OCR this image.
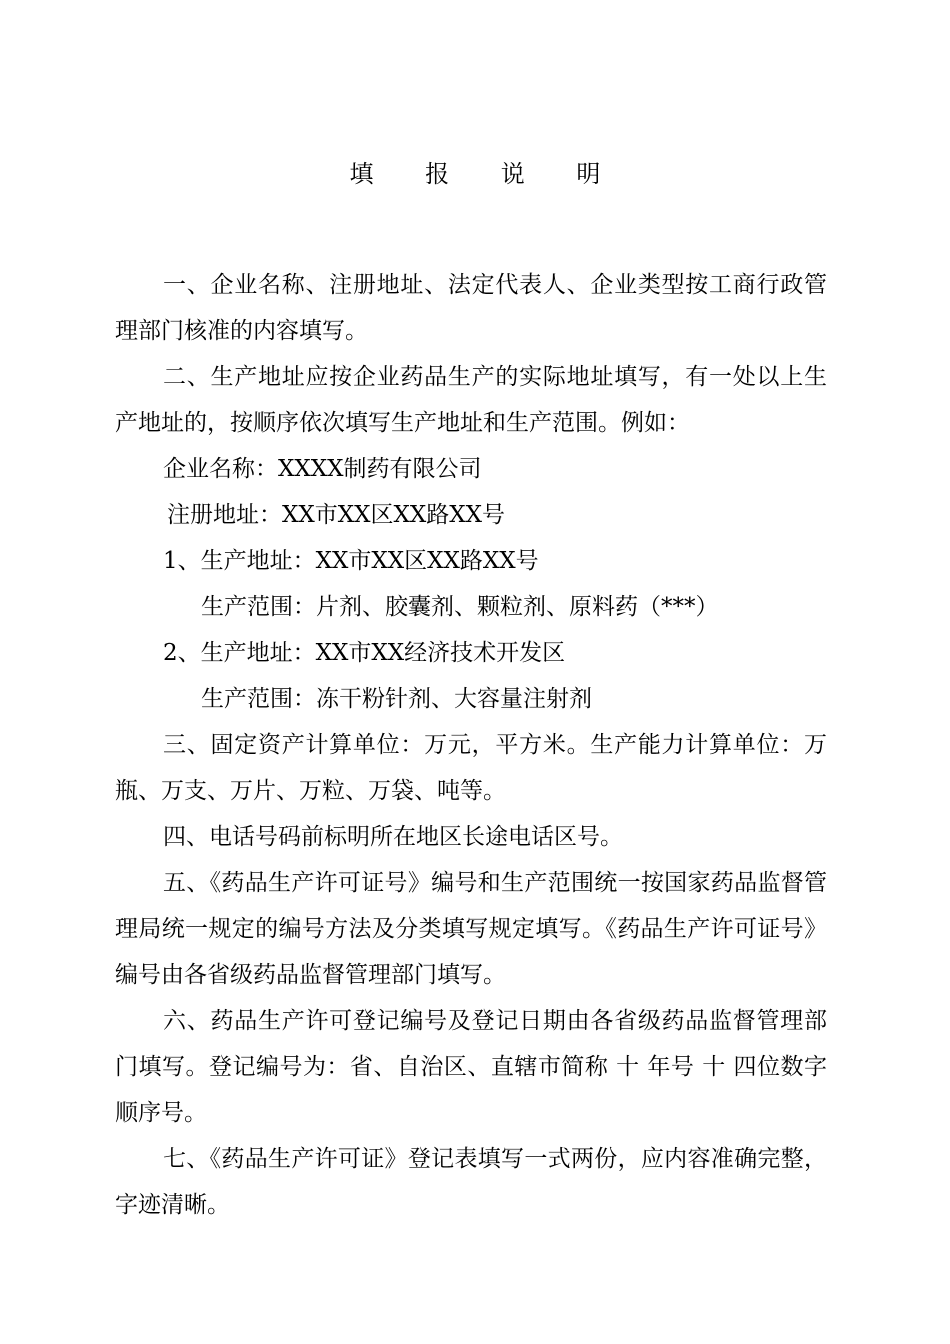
填 报 说 明

一、企业名称、注册地址、法定代表人、企业类型按工商行政管理部门核准的内容填写。

二、生产地址应按企业药品生产的实际地址填写，有一处以上生产地址的，按顺序依次填写生产地址和生产范围。例如：

企业名称：XXXX制药有限公司

注册地址：XX市XX区XX路XX号

1、生产地址：XX市XX区XX路XX号

生产范围：片剂、胶囊剂、颗粒剂、原料药（***）

2、生产地址：XX市XX经济技术开发区

生产范围：冻干粉针剂、大容量注射剂

三、固定资产计算单位：万元，平方米。生产能力计算单位：万瓶、万支、万片、万粒、万袋、吨等。

四、电话号码前标明所在地区长途电话区号。

五、《药品生产许可证号》编号和生产范围统一按国家药品监督管理局统一规定的编号方法及分类填写规定填写。《药品生产许可证号》编号由各省级药品监督管理部门填写。

六、药品生产许可登记编号及登记日期由各省级药品监督管理部门填写。登记编号为：省、自治区、直辖市简称 十 年号 十 四位数字顺序号。

七、《药品生产许可证》登记表填写一式两份，应内容准确完整，字迹清晰。
